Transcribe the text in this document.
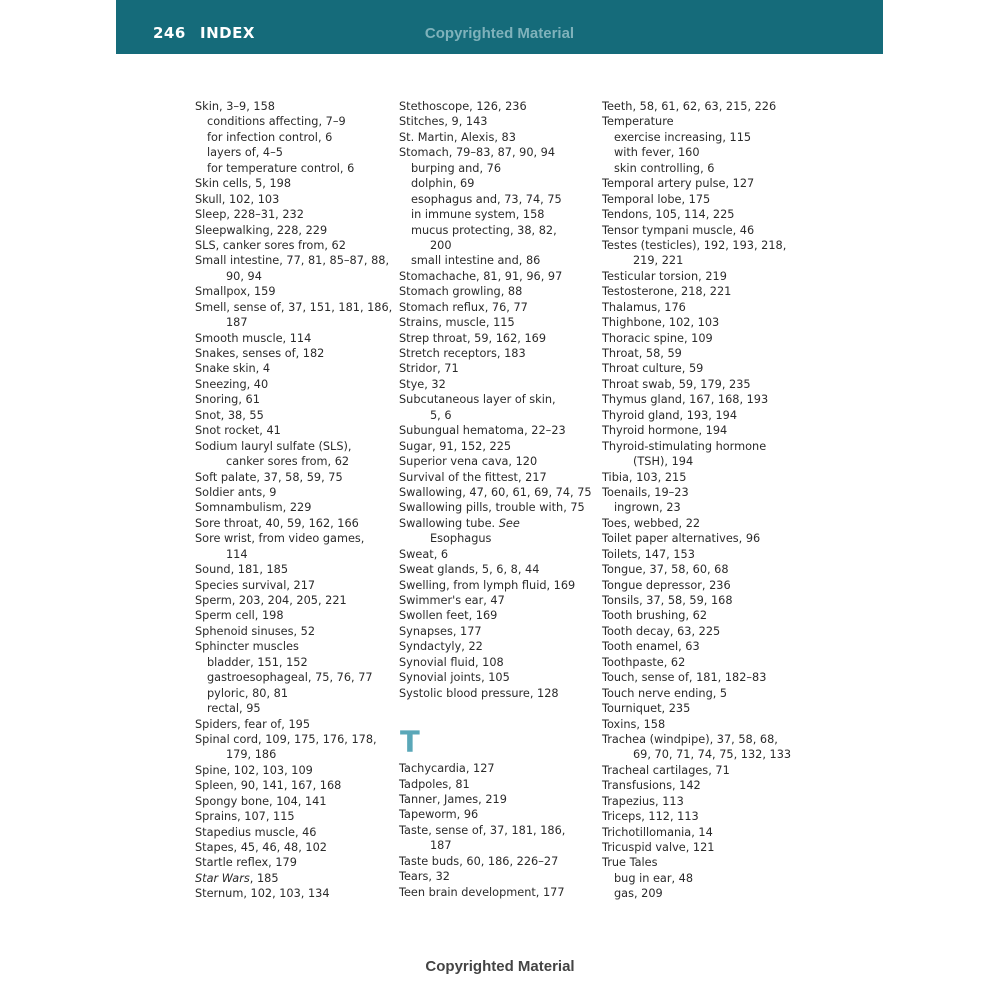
246 INDEX	Copyrighted Material
Skin, 3–9, 158
conditions affecting, 7–9
for infection control, 6
layers of, 4–5
for temperature control, 6
Skin cells, 5, 198
Skull, 102, 103
Sleep, 228–31, 232
Sleepwalking, 228, 229
SLS, canker sores from, 62
Small intestine, 77, 81, 85–87, 88,
90, 94
Smallpox, 159
Smell, sense of, 37, 151, 181, 186,
187
Smooth muscle, 114
Snakes, senses of, 182
Snake skin, 4
Sneezing, 40
Snoring, 61
Snot, 38, 55
Snot rocket, 41
Sodium lauryl sulfate (SLS),
canker sores from, 62
Soft palate, 37, 58, 59, 75
Soldier ants, 9
Somnambulism, 229
Sore throat, 40, 59, 162, 166
Sore wrist, from video games,
114
Sound, 181, 185
Species survival, 217
Sperm, 203, 204, 205, 221
Sperm cell, 198
Sphenoid sinuses, 52
Sphincter muscles
bladder, 151, 152
gastroesophageal, 75, 76, 77
pyloric, 80, 81
rectal, 95
Spiders, fear of, 195
Spinal cord, 109, 175, 176, 178,
179, 186
Spine, 102, 103, 109
Spleen, 90, 141, 167, 168
Spongy bone, 104, 141
Sprains, 107, 115
Stapedius muscle, 46
Stapes, 45, 46, 48, 102
Startle reflex, 179
Star Wars, 185
Sternum, 102, 103, 134
Stethoscope, 126, 236
Stitches, 9, 143
St. Martin, Alexis, 83
Stomach, 79–83, 87, 90, 94
burping and, 76
dolphin, 69
esophagus and, 73, 74, 75
in immune system, 158
mucus protecting, 38, 82,
200
small intestine and, 86
Stomachache, 81, 91, 96, 97
Stomach growling, 88
Stomach reflux, 76, 77
Strains, muscle, 115
Strep throat, 59, 162, 169
Stretch receptors, 183
Stridor, 71
Stye, 32
Subcutaneous layer of skin,
5, 6
Subungual hematoma, 22–23
Sugar, 91, 152, 225
Superior vena cava, 120
Survival of the fittest, 217
Swallowing, 47, 60, 61, 69, 74, 75
Swallowing pills, trouble with, 75
Swallowing tube. See
Esophagus
Sweat, 6
Sweat glands, 5, 6, 8, 44
Swelling, from lymph fluid, 169
Swimmer's ear, 47
Swollen feet, 169
Synapses, 177
Syndactyly, 22
Synovial fluid, 108
Synovial joints, 105
Systolic blood pressure, 128
T
Tachycardia, 127
Tadpoles, 81
Tanner, James, 219
Tapeworm, 96
Taste, sense of, 37, 181, 186,
187
Taste buds, 60, 186, 226–27
Tears, 32
Teen brain development, 177
Teeth, 58, 61, 62, 63, 215, 226
Temperature
exercise increasing, 115
with fever, 160
skin controlling, 6
Temporal artery pulse, 127
Temporal lobe, 175
Tendons, 105, 114, 225
Tensor tympani muscle, 46
Testes (testicles), 192, 193, 218,
219, 221
Testicular torsion, 219
Testosterone, 218, 221
Thalamus, 176
Thighbone, 102, 103
Thoracic spine, 109
Throat, 58, 59
Throat culture, 59
Throat swab, 59, 179, 235
Thymus gland, 167, 168, 193
Thyroid gland, 193, 194
Thyroid hormone, 194
Thyroid-stimulating hormone
(TSH), 194
Tibia, 103, 215
Toenails, 19–23
ingrown, 23
Toes, webbed, 22
Toilet paper alternatives, 96
Toilets, 147, 153
Tongue, 37, 58, 60, 68
Tongue depressor, 236
Tonsils, 37, 58, 59, 168
Tooth brushing, 62
Tooth decay, 63, 225
Tooth enamel, 63
Toothpaste, 62
Touch, sense of, 181, 182–83
Touch nerve ending, 5
Tourniquet, 235
Toxins, 158
Trachea (windpipe), 37, 58, 68,
69, 70, 71, 74, 75, 132, 133
Tracheal cartilages, 71
Transfusions, 142
Trapezius, 113
Triceps, 112, 113
Trichotillomania, 14
Tricuspid valve, 121
True Tales
bug in ear, 48
gas, 209
Copyrighted Material
